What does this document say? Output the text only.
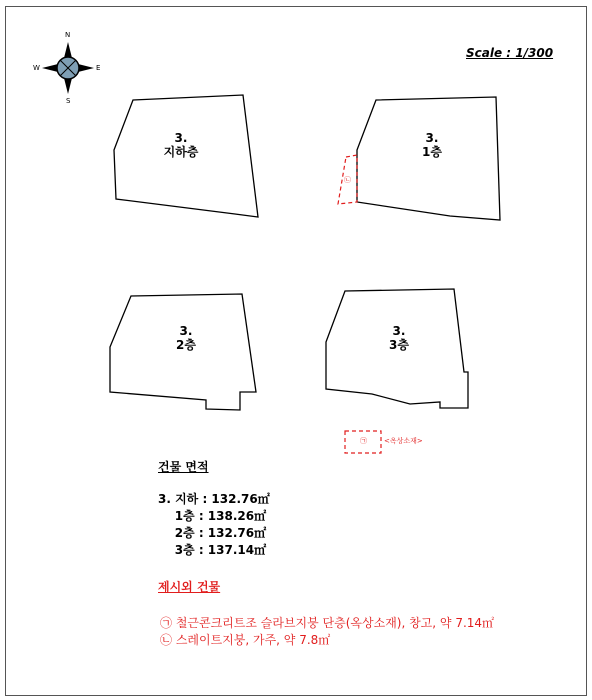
Scale : 1/300
N
S
E
W
3.
지하층
3.
1층
3.
2층
3.
3층
㉡
㉠ <옥상소재>
건물 면적
3. 지하 : 132.76㎡
1층 : 138.26㎡
2층 : 132.76㎡
3층 : 137.14㎡
제시외 건물
㉠ 철근콘크리트조 슬라브지붕 단층(옥상소재), 창고, 약 7.14㎡
㉡ 스레이트지붕, 가주, 약 7.8㎡
